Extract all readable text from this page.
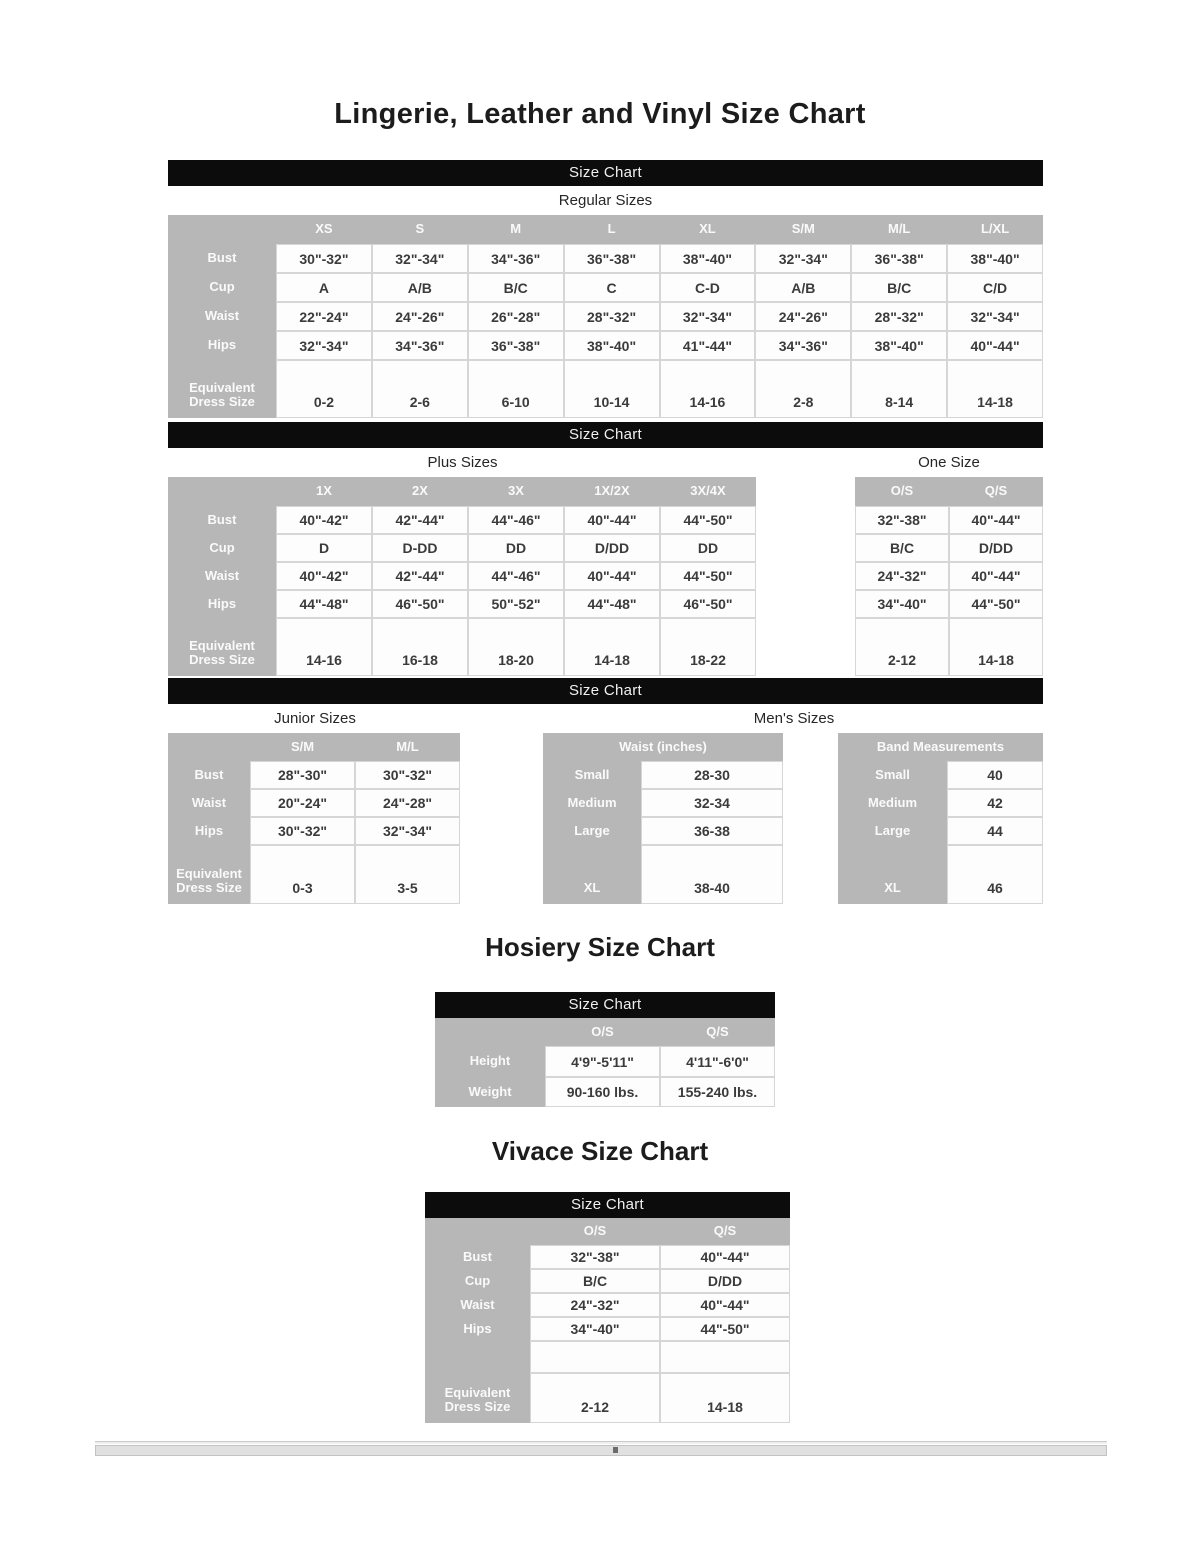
Lingerie, Leather and Vinyl Size Chart
Size Chart
Regular Sizes
XS	S	M	L	XL	S/M	M/L	L/XL
Bust	30"-32"	32"-34"	34"-36"	36"-38"	38"-40"	32"-34"	36"-38"	38"-40"
Cup	A	A/B	B/C	C	C-D	A/B	B/C	C/D
Waist	22"-24"	24"-26"	26"-28"	28"-32"	32"-34"	24"-26"	28"-32"	32"-34"
Hips	32"-34"	34"-36"	36"-38"	38"-40"	41"-44"	34"-36"	38"-40"	40"-44"
Equivalent Dress Size	0-2	2-6	6-10	10-14	14-16	2-8	8-14	14-18
Size Chart
Plus Sizes	One Size
1X	2X	3X	1X/2X	3X/4X	O/S	Q/S
Bust	40"-42"	42"-44"	44"-46"	40"-44"	44"-50"	32"-38"	40"-44"
Cup	D	D-DD	DD	D/DD	DD	B/C	D/DD
Waist	40"-42"	42"-44"	44"-46"	40"-44"	44"-50"	24"-32"	40"-44"
Hips	44"-48"	46"-50"	50"-52"	44"-48"	46"-50"	34"-40"	44"-50"
Equivalent Dress Size	14-16	16-18	18-20	14-18	18-22	2-12	14-18
Size Chart
Junior Sizes	Men's Sizes
S/M	M/L	Waist (inches)	Band Measurements
Bust	28"-30"	30"-32"	Small	28-30	Small	40
Waist	20"-24"	24"-28"	Medium	32-34	Medium	42
Hips	30"-32"	32"-34"	Large	36-38	Large	44
Equivalent Dress Size	0-3	3-5	XL	38-40	XL	46
Hosiery Size Chart
Size Chart
O/S	Q/S
Height	4'9"-5'11"	4'11"-6'0"
Weight	90-160 lbs.	155-240 lbs.
Vivace Size Chart
Size Chart
O/S	Q/S
Bust	32"-38"	40"-44"
Cup	B/C	D/DD
Waist	24"-32"	40"-44"
Hips	34"-40"	44"-50"
Equivalent Dress Size	2-12	14-18
